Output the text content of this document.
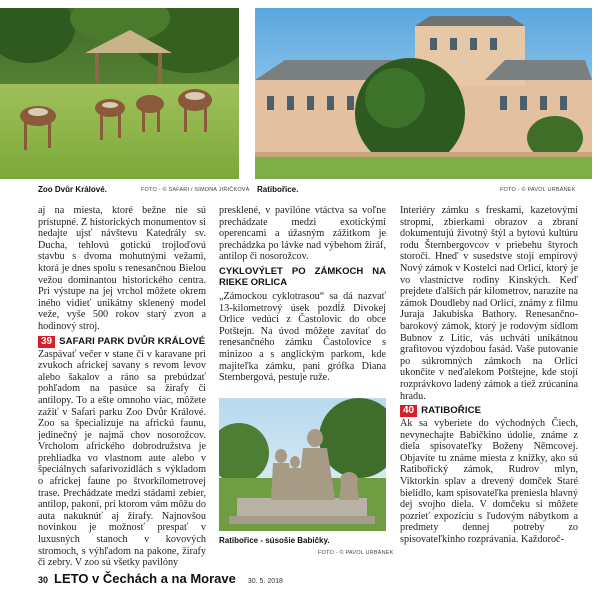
Zoo Dvůr Králové.	FOTO - © SAFARI / SIMONA JIŘIČKOVÁ Ratibořice.	FOTO - © PAVOL URBÁNEK

aj na miesta, ktoré bežne nie sú prístupné. Z historických monumentov si nedajte ujsť návštevu Katedrály sv. Ducha, tehlovú gotickú trojloďovú stavbu s dvoma mohutnými vežami, ktorá je dnes spolu s renesančnou Bielou vežou dominantou historického centra. Pri výstupe na jej vrchol môžete okrem iného vidieť unikátny sklenený model veže, vyše 500 rokov starý zvon a hodinový stroj.

39 SAFARI PARK DVŮR KRÁLOVÉ

Zaspávať večer v stane či v karavane pri zvukoch africkej savany s revom levov alebo šakalov a ráno sa prebúdzať pohľadom na pasúce sa žirafy či antilopy. To a ešte omnoho viac, môžete zažiť v Safari parku Zoo Dvůr Králové. Zoo sa špecializuje na africkú faunu, jedinečný je najmä chov nosorožcov. Vrcholom afrického dobrodružstva je prehliadka vo vlastnom aute alebo v špeciálnych safarivozidlách s výkladom o africkej faune po štvorkilometrovej trase. Prechádzate medzi stádami zebier, antilop, pakoní, pri ktorom vám môžu do auta nakuknúť aj žirafy. Najnovšou novinkou je možnosť prespať v luxusných stanoch v kovových stromoch, s výhľadom na pakone, žirafy či zebry. V zoo sú všetky pavilóny

presklené, v pavilóne vtáctva sa voľne prechádzate medzi exotickými operencami a úžasným zážitkom je prechádzka po lávke nad výbehom žiráf, antilop či nosorožcov.

CYKLOVÝLET PO ZÁMKOCH NA RIEKE ORLICA

„Zámockou cyklotrasou“ sa dá nazvať 13-kilometrový úsek pozdĺž Divokej Orlice vedúci z Častolovic do obce Potštejn. Na úvod môžete zavítať do renesančného zámku Častolovice s minizoo a s anglickým parkom, kde majiteľka zámku, pani grófka Diana Sternbergová, pestuje ruže.

Ratibořice - súsošie Babičky.
FOTO - © PAVOL URBÁNEK

Interiéry zámku s freskami, kazetovými stropmi, zbierkami obrazov a zbraní dokumentujú životný štýl a bytovú kultúru rodu Šternbergovcov v priebehu štyroch storočí. Hneď v susedstve stojí empírový Nový zámok v Kostelci nad Orlicí, ktorý je vo vlastníctve rodiny Kinských. Keď prejdete ďalších pár kilometrov, narazíte na zámok Doudleby nad Orlicí, známy z filmu Juraja Jakubiska Bathory. Renesančno-barokový zámok, ktorý je rodovým sídlom Bubnov z Litic, vás uchváti unikátnou grafitovou výzdobou fasád. Vaše putovanie po súkromných zámkoch na Orlici ukončite v neďalekom Potštejne, kde stojí rozprávkovo ladený zámok a tiež zrúcanina hradu.

40 RATIBOŘICE

Ak sa vyberiete do východných Čiech, nevynechajte Babičkino údolie, známe z diela spisovateľky Boženy Němcovej. Objavíte tu známe miesta z knižky, ako sú Ratibořický zámok, Rudrov mlyn, Viktorkin splav a drevený domček Staré bielidlo, kam spisovateľka preniesla hlavný dej svojho diela. V domčeku si môžete pozrieť expozíciu s ľudovým nábytkom a predmety dennej potreby zo spisovateľkinho rozprávania. Každoroč-

30 LETO v Čechách a na Morave 30. 5. 2018
